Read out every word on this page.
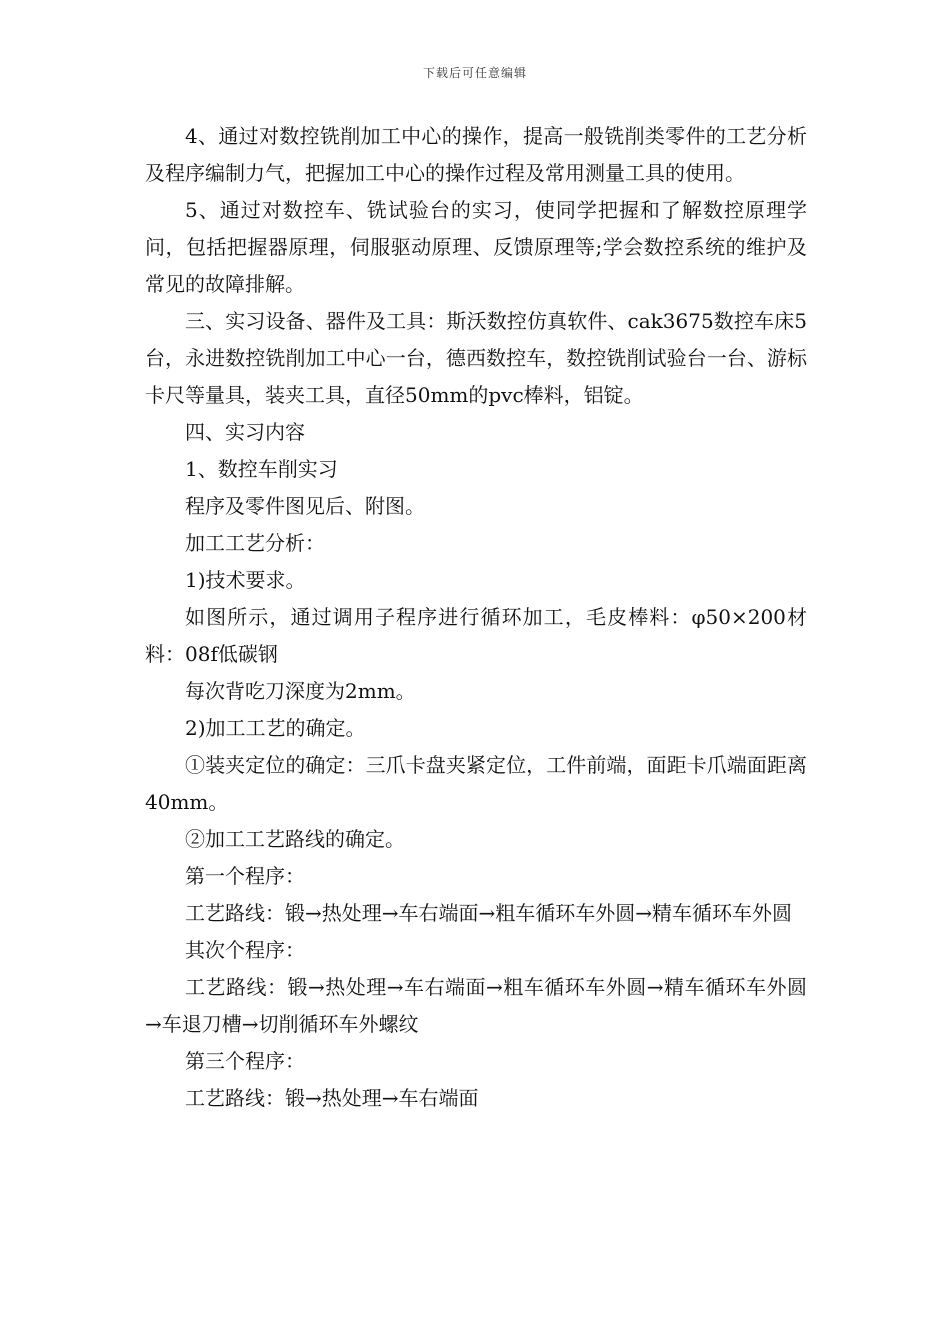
下载后可任意编辑

4、通过对数控铣削加工中心的操作，提高一般铣削类零件的工艺分析及程序编制力气，把握加工中心的操作过程及常用测量工具的使用。

5、通过对数控车、铣试验台的实习，使同学把握和了解数控原理学问，包括把握器原理，伺服驱动原理、反馈原理等;学会数控系统的维护及常见的故障排解。

三、实习设备、器件及工具：斯沃数控仿真软件、cak3675数控车床5台，永进数控铣削加工中心一台，德西数控车，数控铣削试验台一台、游标卡尺等量具，装夹工具，直径50mm的pvc棒料，铝锭。

四、实习内容

1、数控车削实习

程序及零件图见后、附图。

加工工艺分析：

1)技术要求。

如图所示，通过调用子程序进行循环加工，毛皮棒料：φ50×200材料：08f低碳钢

每次背吃刀深度为2mm。

2)加工工艺的确定。

①装夹定位的确定：三爪卡盘夹紧定位，工件前端，面距卡爪端面距离40mm。

②加工工艺路线的确定。

第一个程序：

工艺路线：锻→热处理→车右端面→粗车循环车外圆→精车循环车外圆

其次个程序：

工艺路线：锻→热处理→车右端面→粗车循环车外圆→精车循环车外圆→车退刀槽→切削循环车外螺纹

第三个程序：

工艺路线：锻→热处理→车右端面
